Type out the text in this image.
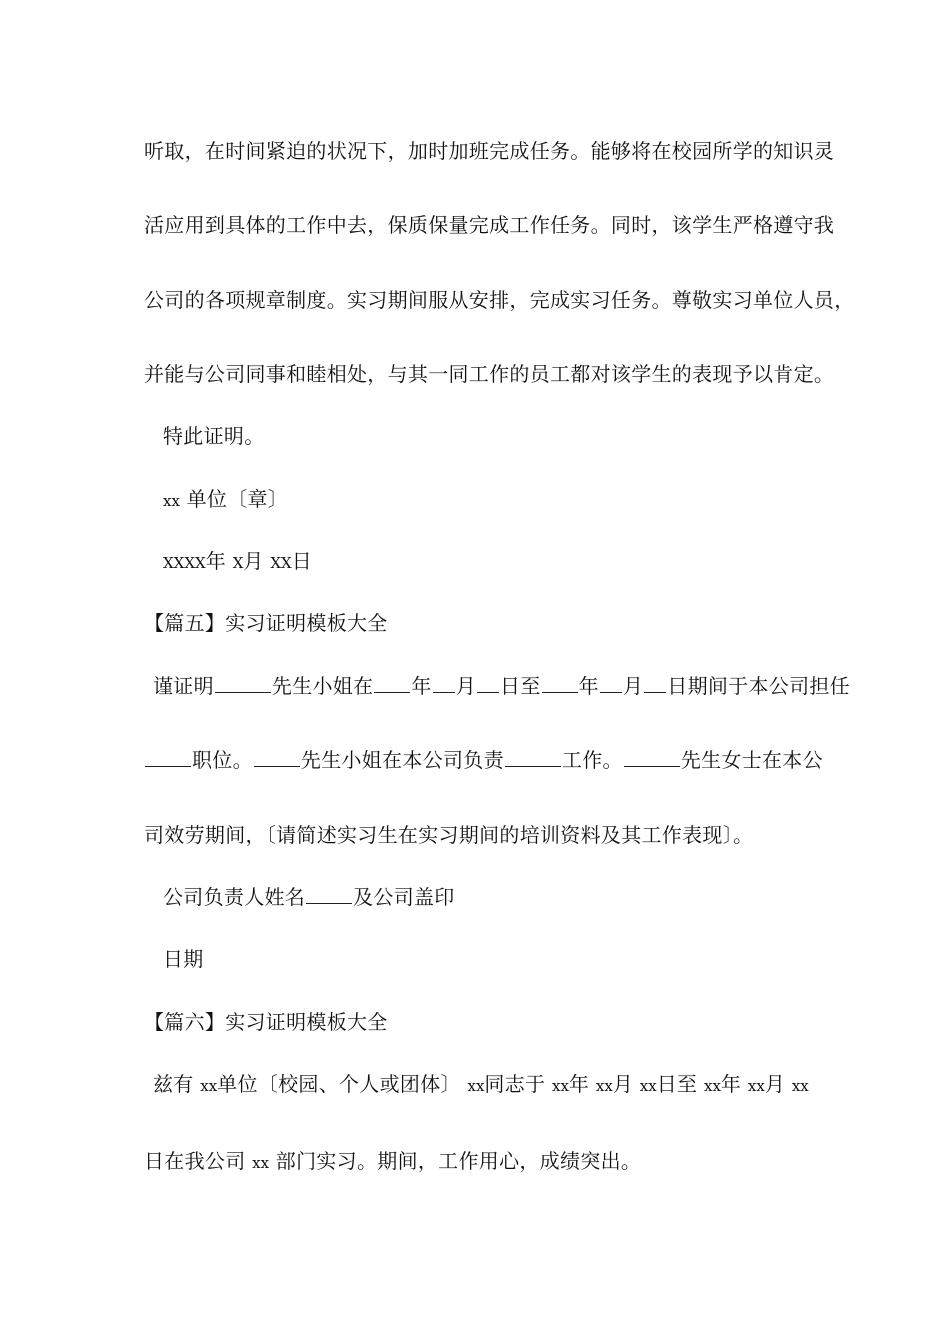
听取，在时间紧迫的状况下，加时加班完成任务。能够将在校园所学的知识灵
活应用到具体的工作中去，保质保量完成工作任务。同时，该学生严格遵守我
公司的各项规章制度。实习期间服从安排，完成实习任务。尊敬实习单位人员，
并能与公司同事和睦相处，与其一同工作的员工都对该学生的表现予以肯定。
特此证明。
xx 单位〔章〕
XXXX年 X月 XX日
【篇五】实习证明模板大全
谨证明	先生小姐在 年 月 日至 年 月 日期间于本公司担任
职位。 先生小姐在本公司负责	工作。	先生女士在本公
司效劳期间，〔请简述实习生在实习期间的培训资料及其工作表现〕。
公司负责人姓名 及公司盖印
日期
【篇六】实习证明模板大全
兹有 xx单位〔校园、个人或团体〕 xx同志于 xx年 xx月 xx日至 xx年 xx月 xx
日在我公司 xx 部门实习。期间，工作用心，成绩突出。
